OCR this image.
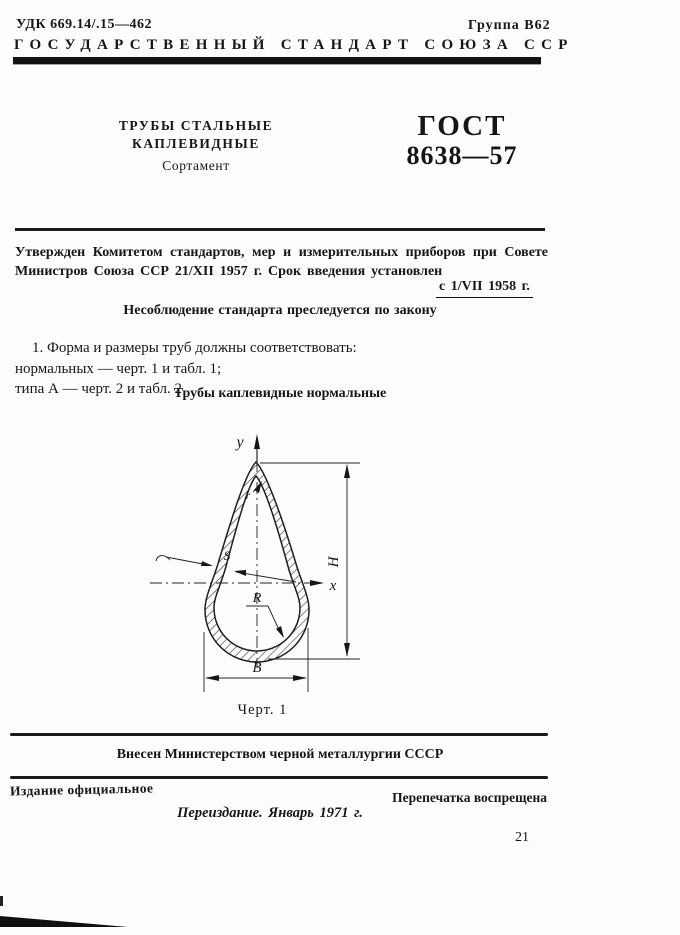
УДК 669.14/.15—462	Группа В62
ГОСУДАРСТВЕННЫЙ СТАНДАРТ СОЮЗА ССР
ТРУБЫ СТАЛЬНЫЕ
КАПЛЕВИДНЫЕ
Сортамент
ГОСТ
8638—57
Утвержден Комитетом стандартов, мер и измерительных приборов при Совете Министров Союза ССР 21/XII 1957 г. Срок введения установлен
с 1/VII 1958 г.
Несоблюдение стандарта преследуется по закону
1. Форма и размеры труб должны соответствовать:
нормальных — черт. 1 и табл. 1;
типа А — черт. 2 и табл. 2
Трубы каплевидные нормальные
y
x
H
B
R
S
r
Черт. 1
Внесен Министерством черной металлургии СССР
Издание официальное	Перепечатка воспрещена
Переиздание. Январь 1971 г.
21
